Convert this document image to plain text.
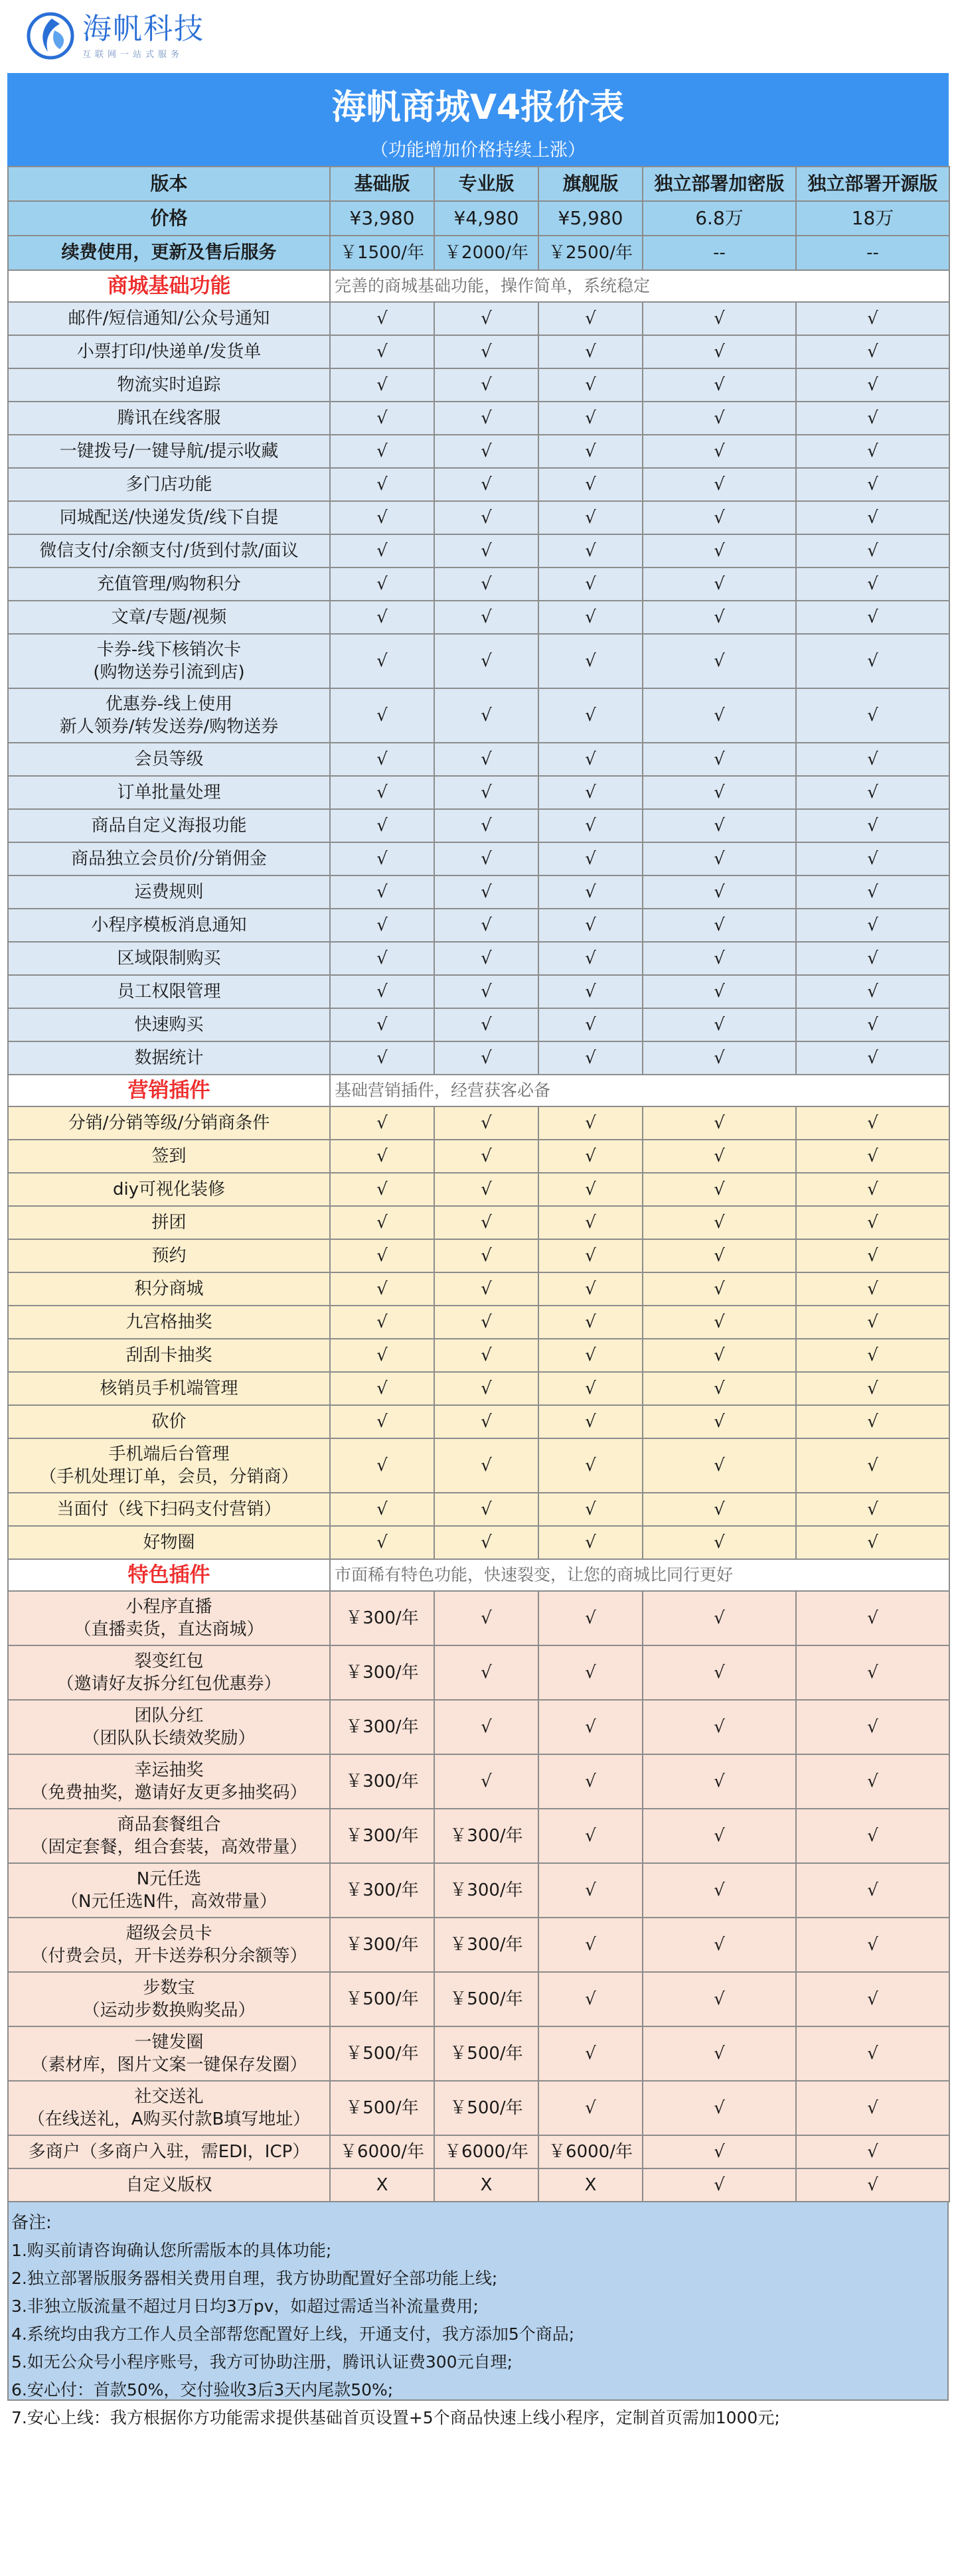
海帆科技
互联网一站式服务
海帆商城V4报价表
（功能增加价格持续上涨）
版本	基础版	专业版	旗舰版	独立部署加密版	独立部署开源版
价格	¥3,980	¥4,980	¥5,980	6.8万	18万
续费使用，更新及售后服务	￥1500/年	￥2000/年	￥2500/年	--	--
商城基础功能	完善的商城基础功能，操作简单，系统稳定				

邮件/短信通知/公众号通知	√	√	√	√	√

小票打印/快递单/发货单	√	√	√	√	√

物流实时追踪	√	√	√	√	√

腾讯在线客服	√	√	√	√	√

一键拨号/一键导航/提示收藏	√	√	√	√	√

多门店功能	√	√	√	√	√

同城配送/快递发货/线下自提	√	√	√	√	√

微信支付/余额支付/货到付款/面议	√	√	√	√	√

充值管理/购物积分	√	√	√	√	√

文章/专题/视频	√	√	√	√	√

卡券-线下核销次卡
(购物送券引流到店)	√	√	√	√	√

优惠券-线上使用
新人领券/转发送券/购物送券	√	√	√	√	√

会员等级	√	√	√	√	√

订单批量处理	√	√	√	√	√

商品自定义海报功能	√	√	√	√	√

商品独立会员价/分销佣金	√	√	√	√	√

运费规则	√	√	√	√	√

小程序模板消息通知	√	√	√	√	√

区域限制购买	√	√	√	√	√

员工权限管理	√	√	√	√	√

快速购买	√	√	√	√	√

数据统计	√	√	√	√	√
营销插件	基础营销插件，经营获客必备				

分销/分销等级/分销商条件	√	√	√	√	√

签到	√	√	√	√	√

diy可视化装修	√	√	√	√	√

拼团	√	√	√	√	√

预约	√	√	√	√	√

积分商城	√	√	√	√	√

九宫格抽奖	√	√	√	√	√

刮刮卡抽奖	√	√	√	√	√

核销员手机端管理	√	√	√	√	√

砍价	√	√	√	√	√

手机端后台管理
（手机处理订单，会员，分销商）	√	√	√	√	√

当面付（线下扫码支付营销）	√	√	√	√	√

好物圈	√	√	√	√	√
特色插件	市面稀有特色功能，快速裂变，让您的商城比同行更好				

小程序直播
（直播卖货，直达商城）	￥300/年	√	√	√	√

裂变红包
（邀请好友拆分红包优惠券）	￥300/年	√	√	√	√

团队分红
（团队队长绩效奖励）	￥300/年	√	√	√	√

幸运抽奖
（免费抽奖，邀请好友更多抽奖码）	￥300/年	√	√	√	√

商品套餐组合
（固定套餐，组合套装，高效带量）	￥300/年	￥300/年	√	√	√

N元任选
（N元任选N件，高效带量）	￥300/年	￥300/年	√	√	√

超级会员卡
（付费会员，开卡送券积分余额等）	￥300/年	￥300/年	√	√	√

步数宝
（运动步数换购奖品）	￥500/年	￥500/年	√	√	√

一键发圈
（素材库，图片文案一键保存发圈）	￥500/年	￥500/年	√	√	√

社交送礼
（在线送礼，A购买付款B填写地址）	￥500/年	￥500/年	√	√	√

多商户（多商户入驻，需EDI，ICP）	￥6000/年	￥6000/年	￥6000/年	√	√

自定义版权	X	X	X	√	√
备注:
1.购买前请咨询确认您所需版本的具体功能;
2.独立部署版服务器相关费用自理，我方协助配置好全部功能上线;
3.非独立版流量不超过月日均3万pv，如超过需适当补流量费用;
4.系统均由我方工作人员全部帮您配置好上线，开通支付，我方添加5个商品;
5.如无公众号小程序账号，我方可协助注册，腾讯认证费300元自理;
6.安心付：首款50%，交付验收3后3天内尾款50%;
7.安心上线：我方根据你方功能需求提供基础首页设置+5个商品快速上线小程序，定制首页需加1000元;
